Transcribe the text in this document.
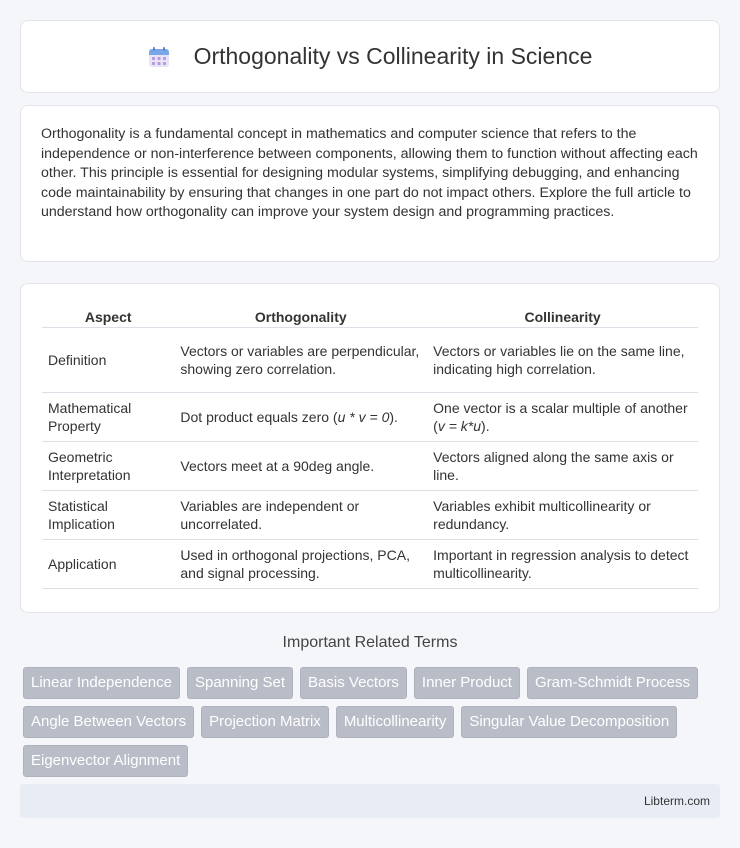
Orthogonality vs Collinearity in Science

Orthogonality is a fundamental concept in mathematics and computer science that refers to the independence or non-interference between components, allowing them to function without affecting each other. This principle is essential for designing modular systems, simplifying debugging, and enhancing code maintainability by ensuring that changes in one part do not impact others. Explore the full article to understand how orthogonality can improve your system design and programming practices.

Aspect	Orthogonality	Collinearity
Definition	Vectors or variables are perpendicular, showing zero correlation.	Vectors or variables lie on the same line, indicating high correlation.
Mathematical Property	Dot product equals zero (u * v = 0).	One vector is a scalar multiple of another (v = k*u).
Geometric Interpretation	Vectors meet at a 90deg angle.	Vectors aligned along the same axis or line.
Statistical Implication	Variables are independent or uncorrelated.	Variables exhibit multicollinearity or redundancy.
Application	Used in orthogonal projections, PCA, and signal processing.	Important in regression analysis to detect multicollinearity.
Important Related Terms
Linear Independence	Spanning Set	Basis Vectors	Inner Product	Gram-Schmidt Process
Angle Between Vectors	Projection Matrix	Multicollinearity	Singular Value Decomposition
Eigenvector Alignment
Libterm.com
